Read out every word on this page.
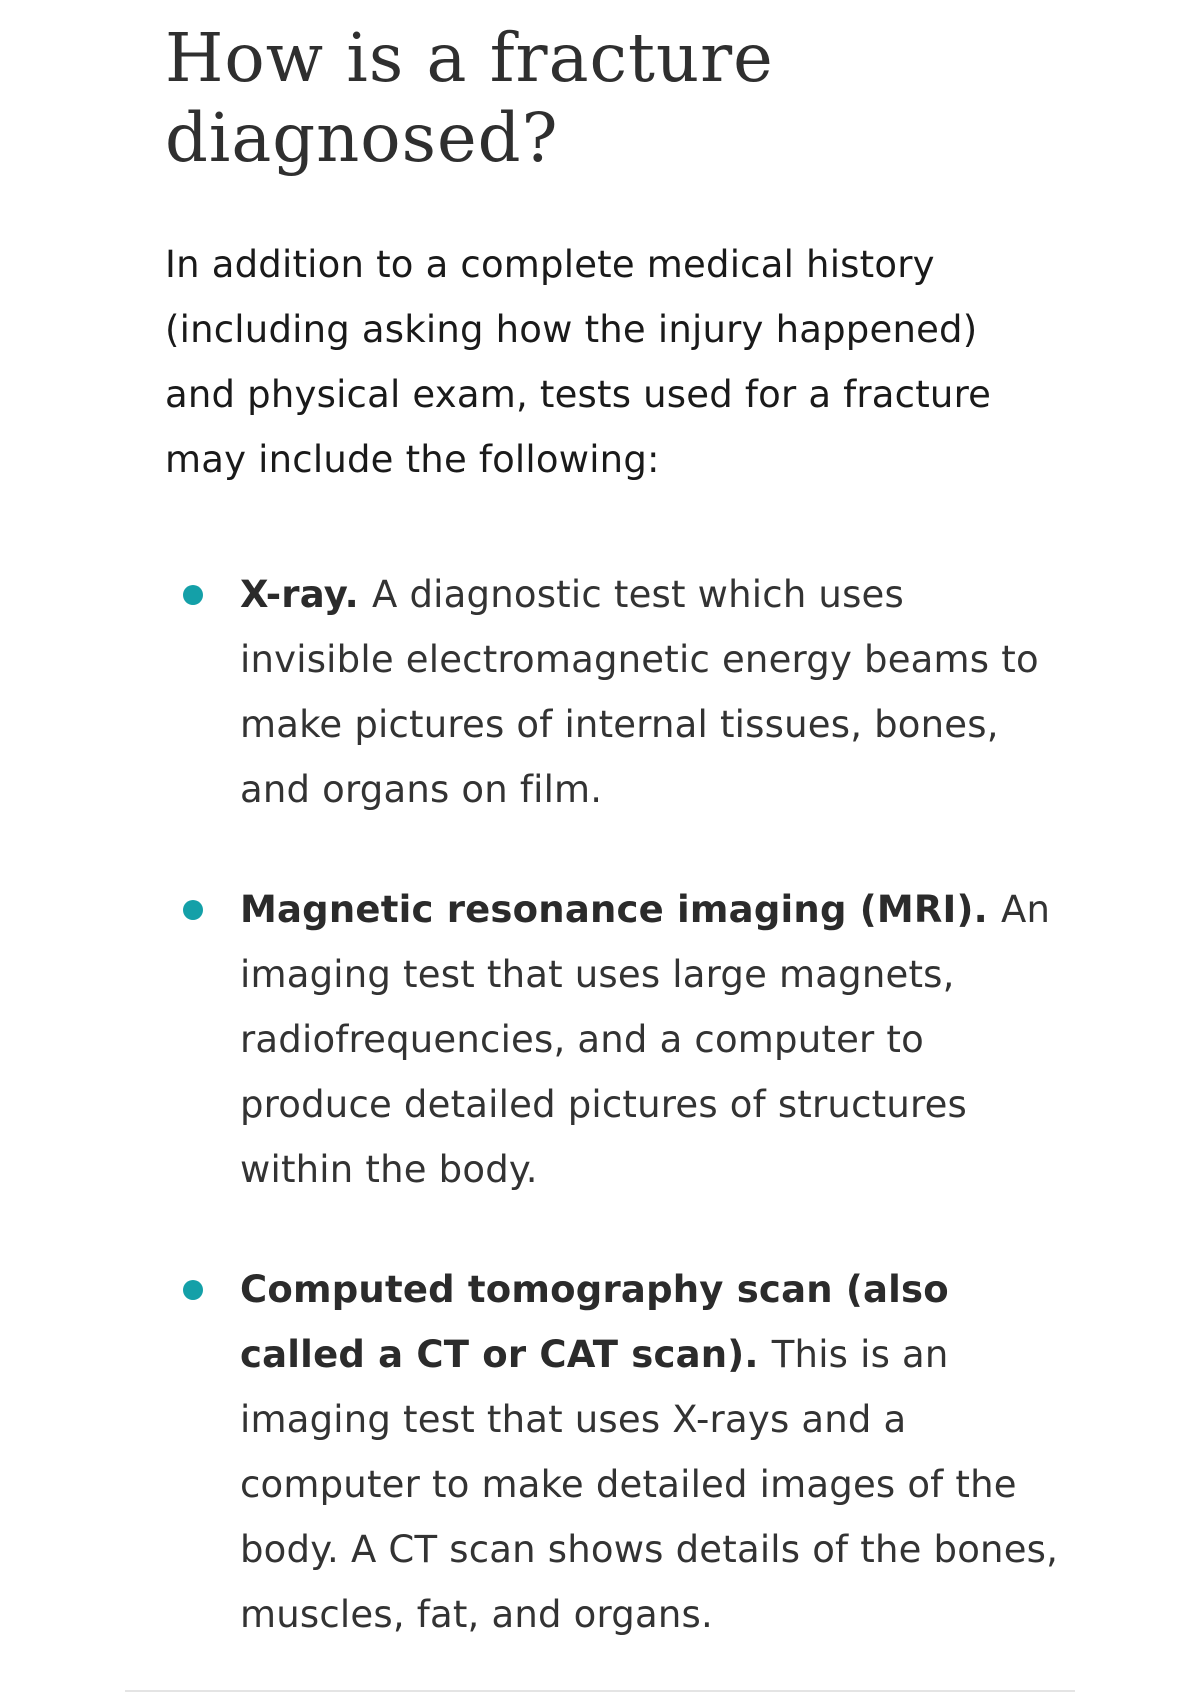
How is a fracture diagnosed?

In addition to a complete medical history (including asking how the injury happened) and physical exam, tests used for a fracture may include the following:

X-ray. A diagnostic test which uses invisible electromagnetic energy beams to make pictures of internal tissues, bones, and organs on film.
Magnetic resonance imaging (MRI). An imaging test that uses large magnets, radiofrequencies, and a computer to produce detailed pictures of structures within the body.
Computed tomography scan (also called a CT or CAT scan). This is an imaging test that uses X-rays and a computer to make detailed images of the body. A CT scan shows details of the bones, muscles, fat, and organs.
